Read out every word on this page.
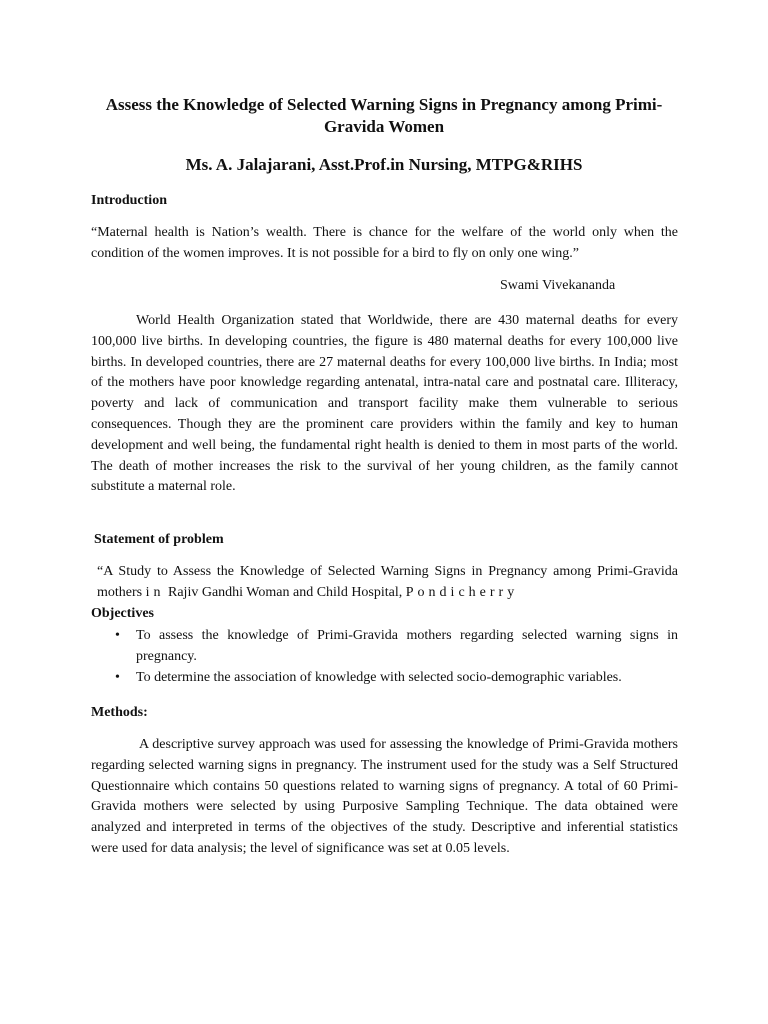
Assess the Knowledge of Selected Warning Signs in Pregnancy among Primi-Gravida Women
Ms. A. Jalajarani, Asst.Prof.in Nursing, MTPG&RIHS
Introduction
“Maternal health is Nation’s wealth. There is chance for the welfare of the world only when the condition of the women improves. It is not possible for a bird to fly on only one wing.”
Swami Vivekananda
World Health Organization stated that Worldwide, there are 430 maternal deaths for every 100,000 live births. In developing countries, the figure is 480 maternal deaths for every 100,000 live births. In developed countries, there are 27 maternal deaths for every 100,000 live births. In India; most of the mothers have poor knowledge regarding antenatal, intra-natal care and postnatal care. Illiteracy, poverty and lack of communication and transport facility make them vulnerable to serious consequences. Though they are the prominent care providers within the family and key to human development and well being, the fundamental right health is denied to them in most parts of the world. The death of mother increases the risk to the survival of her young children, as the family cannot substitute a maternal role.
Statement of problem
“A Study to Assess the Knowledge of Selected Warning Signs in Pregnancy among Primi-Gravida mothers in Rajiv Gandhi Woman and Child Hospital, Pondicherry
Objectives
• To assess the knowledge of Primi-Gravida mothers regarding selected warning signs in pregnancy.
• To determine the association of knowledge with selected socio-demographic variables.
Methods:
A descriptive survey approach was used for assessing the knowledge of Primi-Gravida mothers regarding selected warning signs in pregnancy. The instrument used for the study was a Self Structured Questionnaire which contains 50 questions related to warning signs of pregnancy. A total of 60 Primi-Gravida mothers were selected by using Purposive Sampling Technique. The data obtained were analyzed and interpreted in terms of the objectives of the study. Descriptive and inferential statistics were used for data analysis; the level of significance was set at 0.05 levels.
